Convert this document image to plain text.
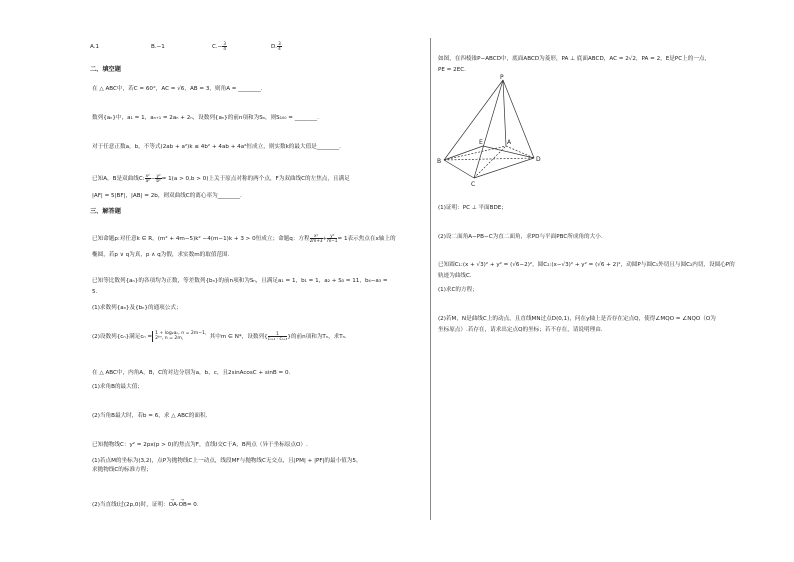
A.1	B.−1	$C.- \frac{3}{4}$	D. $\frac{3}{4}$
二、填空题
在 △ ABC中，若C = 60°，AC = √6，AB = 3，则角A = ________.
数列{aₙ}中，a₁ = 1，aₙ₊₁ = 2aₙ + 2ₙ，设数列{aₙ}的前n项和为Sₙ，则S₁₀₀ = ________.
对于任意正数a，b，不等式(2ab + a²)k ≤ 4b² + 4ab + 4a²恒成立，则实数k的最大值是________.
已知A，B是双曲线C: $\frac{\text{x²}}{\text{a²}} - \frac{\text{y²}}{\text{b²}} = 1(a > 0,b > 0)$上关于原点对称的两个点，F为双曲线C的左焦点，且满足
|AF| = 5|BF|，|AB| = 2b，则双曲线C的离心率为________.
三、解答题
已知命题p:对任意k ∈ R，(m² + 4m−5)k² −4(m−1)k + 3 > 0恒成立；命题q：方程 $\frac{\text{x²}}{2m+3} + \frac{\text{y²}}{m-1} = 1$表示焦点在x轴上的
椭圆，若p ∨ q为真，p ∧ q为假，求实数m的取值范围.
已知等比数列{aₙ}的各项均为正数，等差数列{bₙ}的前n项和为Sₙ，且满足a₁ = 1，b₁ = 1，a₂ + S₃ = 11，b₄−a₃ =
5.
(1)求数列{aₙ}及{bₙ}的通项公式；
(2)设数列{cₙ}满足cₙ =
1 + log₂aₙ, n = 2m−1，
2ᵇⁿ, n = 2m，	其中m ∈ N*，设数列{ $\frac{1}{\text{cₙ₊₁ · cₙ₊₃}}$ }的前n项和为Tₙ，求Tₙ.
在 △ ABC中，内角A，B，C的对边分别为a，b，c，且2sinAcosC + sinB = 0.
(1)求角B的最大值；
(2)当角B最大时，若b = 6，求 △ ABC的面积.
已知抛物线C：y² = 2px(p > 0)的焦点为F，直线l交C于A，B两点（异于坐标原点O）.
(1)若点M的坐标为(3,2)，点P为抛物线C上一动点，线段MF与抛物线C无交点，且|PM| + |PF|的最小值为5，
求抛物线C的标准方程；
(2)当直线l过(2p,0)时，证明：
→
OA·
→
OB= 0.
如图，在四棱锥P−ABCD中，底面ABCD为菱形，PA ⊥ 底面ABCD，AC = 2√2，PA = 2，E是PC上的一点，
PE = 2EC.
P
E	A
B	D
C
(1)证明：PC ⊥ 平面BDE；
(2)设二面角A−PB−C为直二面角，求PD与平面PBC所成角的大小.
已知圆C₁:(x + √3)² + y² = (√6−2)²，圆C₂:(x−√3)² + y² = (√6 + 2)²，动圆P与圆C₁外切且与圆C₂内切，设圆心P的
轨迹为曲线C.
(1)求C的方程；
(2)若M，N是曲线C上的动点，且直线MN过点D(0,1)，问在y轴上是否存在定点Q，使得∠MQO = ∠NQO（O为
坐标原点）.若存在，请求出定点Q的坐标；若不存在，请说明理由.
